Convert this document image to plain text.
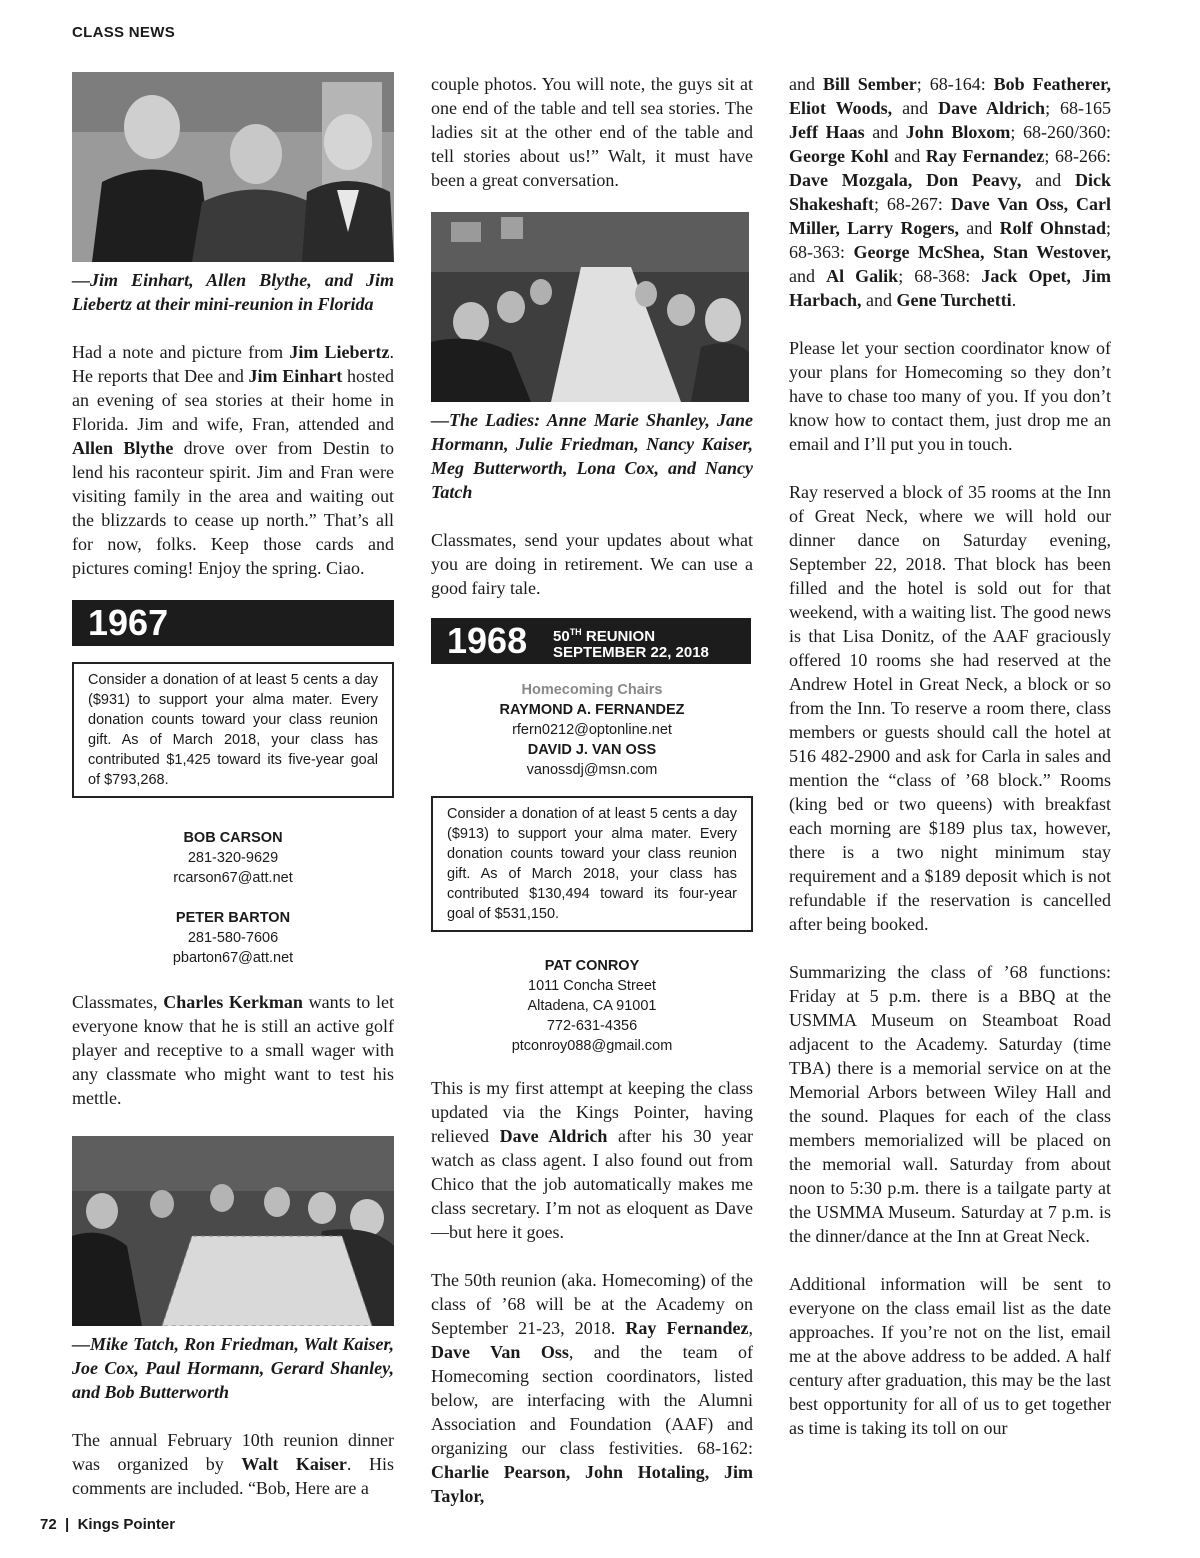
CLASS NEWS

—Jim Einhart, Allen Blythe, and Jim Liebertz at their mini-reunion in Florida

Had a note and picture from Jim Liebertz. He reports that Dee and Jim Einhart hosted an evening of sea stories at their home in Florida. Jim and wife, Fran, attended and Allen Blythe drove over from Destin to lend his raconteur spirit. Jim and Fran were visiting family in the area and waiting out the blizzards to cease up north.” That’s all for now, folks. Keep those cards and pictures coming! Enjoy the spring. Ciao.

1967
Consider a donation of at least 5 cents a day ($931) to support your alma mater. Every donation counts toward your class reunion gift. As of March 2018, your class has contributed $1,425 toward its five-year goal of $793,268.
BOB CARSON
281-320-9629
rcarson67@att.net
PETER BARTON
281-580-7606
pbarton67@att.net

Classmates, Charles Kerkman wants to let everyone know that he is still an active golf player and receptive to a small wager with any classmate who might want to test his mettle.

—Mike Tatch, Ron Friedman, Walt Kaiser, Joe Cox, Paul Hormann, Gerard Shanley, and Bob Butterworth

The annual February 10th reunion dinner was organized by Walt Kaiser. His comments are included. “Bob, Here are a

couple photos. You will note, the guys sit at one end of the table and tell sea stories. The ladies sit at the other end of the table and tell stories about us!” Walt, it must have been a great conversation.

—The Ladies: Anne Marie Shanley, Jane Hormann, Julie Friedman, Nancy Kaiser, Meg Butterworth, Lona Cox, and Nancy Tatch

Classmates, send your updates about what you are doing in retirement. We can use a good fairy tale.

1968 50TH REUNION
SEPTEMBER 22, 2018
Homecoming Chairs
RAYMOND A. FERNANDEZ
rfern0212@optonline.net
DAVID J. VAN OSS
vanossdj@msn.com
Consider a donation of at least 5 cents a day ($913) to support your alma mater. Every donation counts toward your class reunion gift. As of March 2018, your class has contributed $130,494 toward its four-year goal of $531,150.
PAT CONROY
1011 Concha Street
Altadena, CA 91001
772-631-4356
ptconroy088@gmail.com

This is my first attempt at keeping the class updated via the Kings Pointer, having relieved Dave Aldrich after his 30 year watch as class agent. I also found out from Chico that the job automatically makes me class secretary. I’m not as eloquent as Dave—but here it goes.

The 50th reunion (aka. Homecoming) of the class of ’68 will be at the Academy on September 21-23, 2018. Ray Fernandez, Dave Van Oss, and the team of Homecoming section coordinators, listed below, are interfacing with the Alumni Association and Foundation (AAF) and organizing our class festivities. 68-162: Charlie Pearson, John Hotaling, Jim Taylor,

and Bill Sember; 68-164: Bob Featherer, Eliot Woods, and Dave Aldrich; 68-165 Jeff Haas and John Bloxom; 68-260/360: George Kohl and Ray Fernandez; 68-266: Dave Mozgala, Don Peavy, and Dick Shakeshaft; 68-267: Dave Van Oss, Carl Miller, Larry Rogers, and Rolf Ohnstad; 68-363: George McShea, Stan Westover, and Al Galik; 68-368: Jack Opet, Jim Harbach, and Gene Turchetti.

Please let your section coordinator know of your plans for Homecoming so they don’t have to chase too many of you. If you don’t know how to contact them, just drop me an email and I’ll put you in touch.

Ray reserved a block of 35 rooms at the Inn of Great Neck, where we will hold our dinner dance on Saturday evening, September 22, 2018. That block has been filled and the hotel is sold out for that weekend, with a waiting list. The good news is that Lisa Donitz, of the AAF graciously offered 10 rooms she had reserved at the Andrew Hotel in Great Neck, a block or so from the Inn. To reserve a room there, class members or guests should call the hotel at 516 482-2900 and ask for Carla in sales and mention the “class of ’68 block.” Rooms (king bed or two queens) with breakfast each morning are $189 plus tax, however, there is a two night minimum stay requirement and a $189 deposit which is not refundable if the reservation is cancelled after being booked.

Summarizing the class of ’68 functions: Friday at 5 p.m. there is a BBQ at the USMMA Museum on Steamboat Road adjacent to the Academy. Saturday (time TBA) there is a memorial service on at the Memorial Arbors between Wiley Hall and the sound. Plaques for each of the class members memorialized will be placed on the memorial wall. Saturday from about noon to 5:30 p.m. there is a tailgate party at the USMMA Museum. Saturday at 7 p.m. is the dinner/dance at the Inn at Great Neck.

Additional information will be sent to everyone on the class email list as the date approaches. If you’re not on the list, email me at the above address to be added. A half century after graduation, this may be the last best opportunity for all of us to get together as time is taking its toll on our

72 | Kings Pointer
